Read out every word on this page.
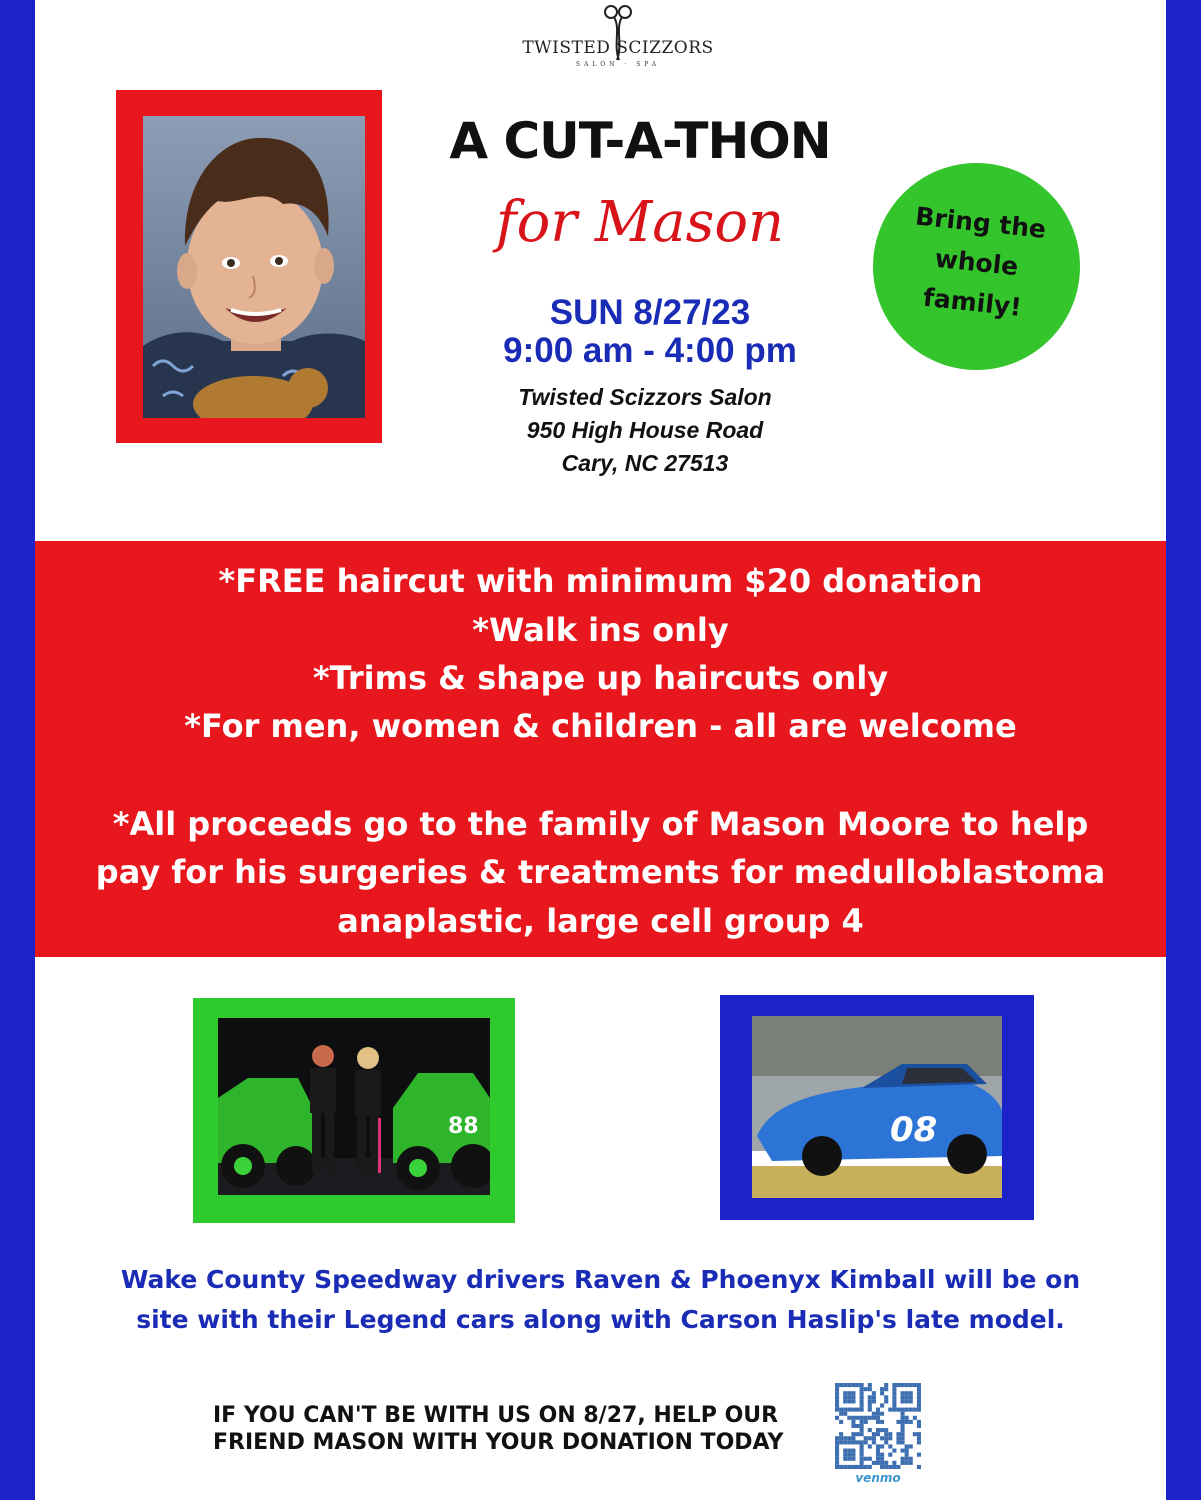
TWISTED SCIZZORS
SALON · SPA
A CUT-A-THON
for Mason
SUN 8/27/23
9:00 am - 4:00 pm
Twisted Scizzors Salon
950 High House Road
Cary, NC 27513
Bring the
whole
family!
*FREE haircut with minimum $20 donation
*Walk ins only
*Trims & shape up haircuts only
*For men, women & children - all are welcome
*All proceeds go to the family of Mason Moore to help
pay for his surgeries & treatments for medulloblastoma
anaplastic, large cell group 4
88	08
Wake County Speedway drivers Raven & Phoenyx Kimball will be on
site with their Legend cars along with Carson Haslip's late model.
IF YOU CAN'T BE WITH US ON 8/27, HELP OUR
FRIEND MASON WITH YOUR DONATION TODAY
venmo
